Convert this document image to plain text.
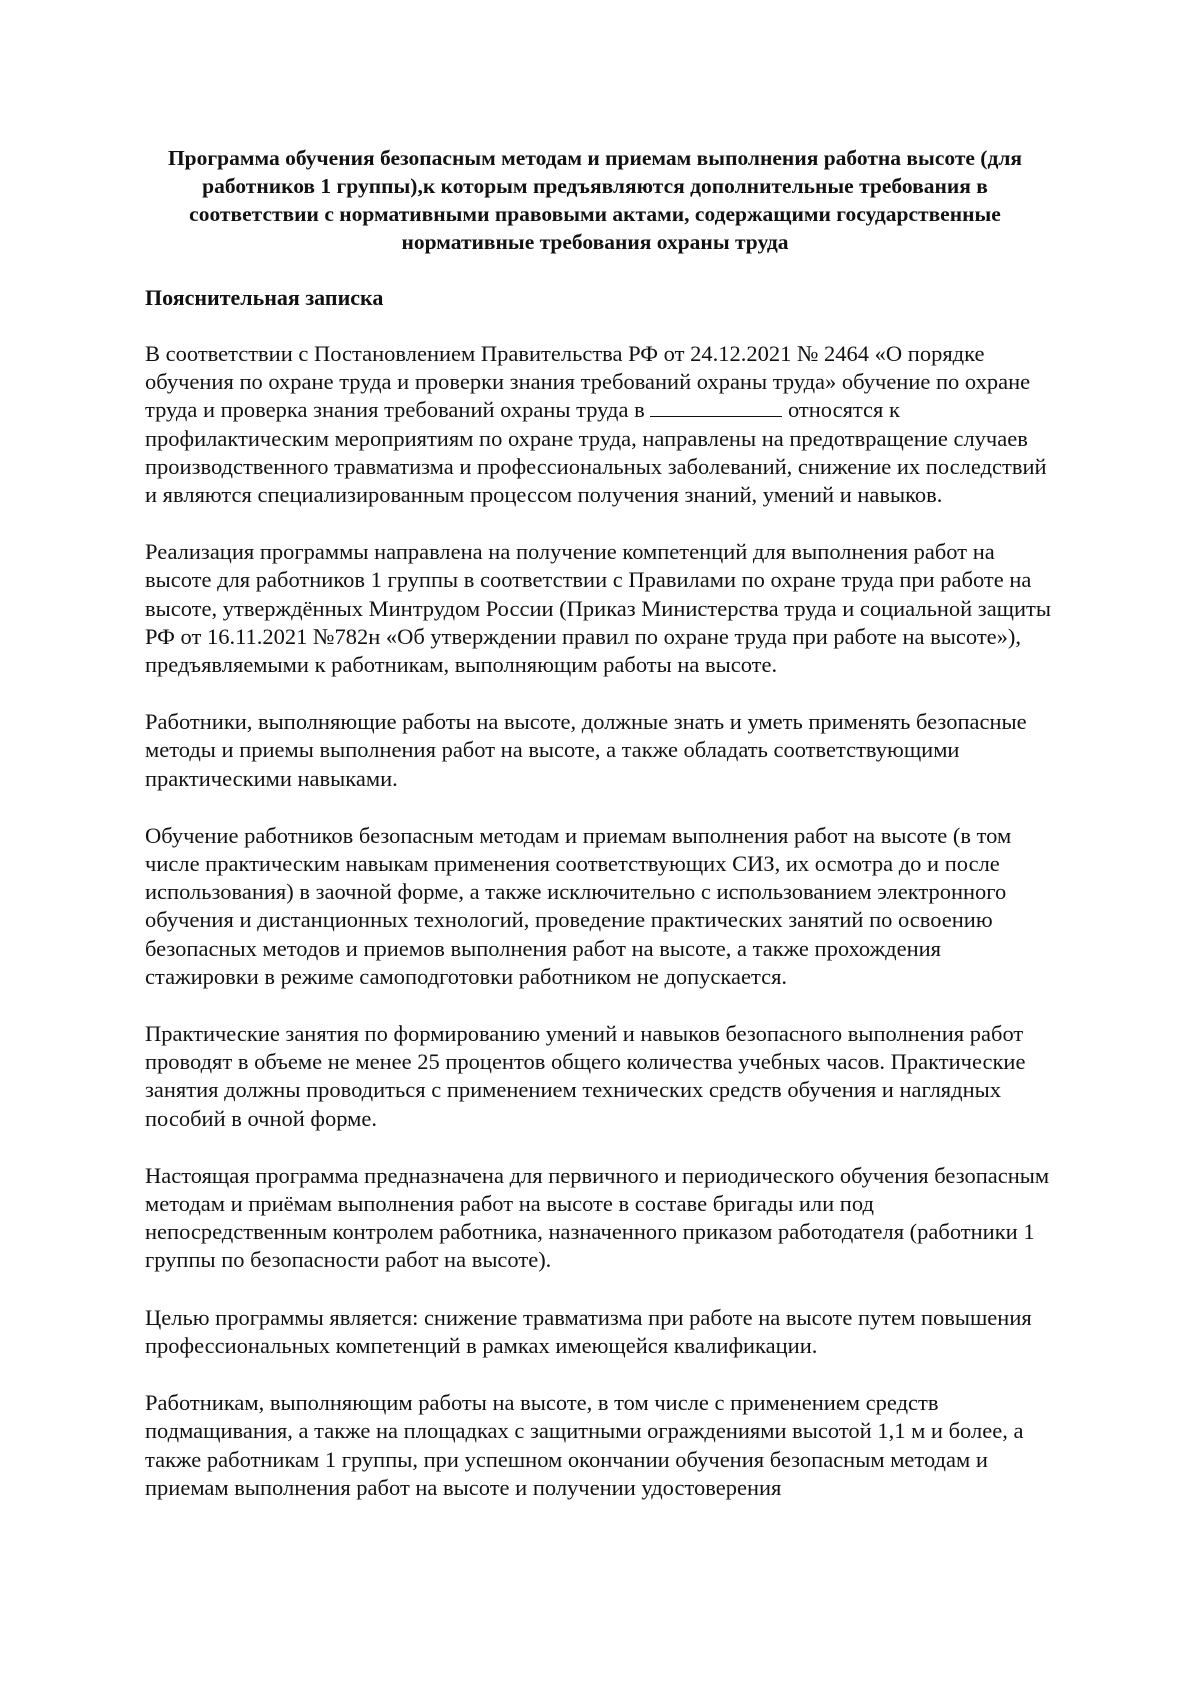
Программа обучения безопасным методам и приемам выполнения работна высоте (для работников 1 группы),к которым предъявляются дополнительные требования в соответствии с нормативными правовыми актами, содержащими государственные нормативные требования охраны труда
Пояснительная записка

В соответствии с Постановлением Правительства РФ от 24.12.2021 № 2464 «О порядке обучения по охране труда и проверки знания требований охраны труда» обучение по охране труда и проверка знания требований охраны труда в	относятся к профилактическим мероприятиям по охране труда, направлены на предотвращение случаев производственного травматизма и профессиональных заболеваний, снижение их последствий и являются специализированным процессом получения знаний, умений и навыков.

Реализация программы направлена на получение компетенций для выполнения работ на высоте для работников 1 группы в соответствии с Правилами по охране труда при работе на высоте, утверждённых Минтрудом России (Приказ Министерства труда и социальной защиты РФ от 16.11.2021 №782н «Об утверждении правил по охране труда при работе на высоте»), предъявляемыми к работникам, выполняющим работы на высоте.

Работники, выполняющие работы на высоте, должные знать и уметь применять безопасные методы и приемы выполнения работ на высоте, а также обладать соответствующими практическими навыками.

Обучение работников безопасным методам и приемам выполнения работ на высоте (в том числе практическим навыкам применения соответствующих СИЗ, их осмотра до и после использования) в заочной форме, а также исключительно с использованием электронного обучения и дистанционных технологий, проведение практических занятий по освоению безопасных методов и приемов выполнения работ на высоте, а также прохождения стажировки в режиме самоподготовки работником не допускается.

Практические занятия по формированию умений и навыков безопасного выполнения работ проводят в объеме не менее 25 процентов общего количества учебных часов. Практические занятия должны проводиться с применением технических средств обучения и наглядных пособий в очной форме.

Настоящая программа предназначена для первичного и периодического обучения безопасным методам и приёмам выполнения работ на высоте в составе бригады или под непосредственным контролем работника, назначенного приказом работодателя (работники 1 группы по безопасности работ на высоте).

Целью программы является: снижение травматизма при работе на высоте путем повышения профессиональных компетенций в рамках имеющейся квалификации.

Работникам, выполняющим работы на высоте, в том числе с применением средств подмащивания, а также на площадках с защитными ограждениями высотой 1,1 м и более, а также работникам 1 группы, при успешном окончании обучения безопасным методам и приемам выполнения работ на высоте и получении удостоверения
